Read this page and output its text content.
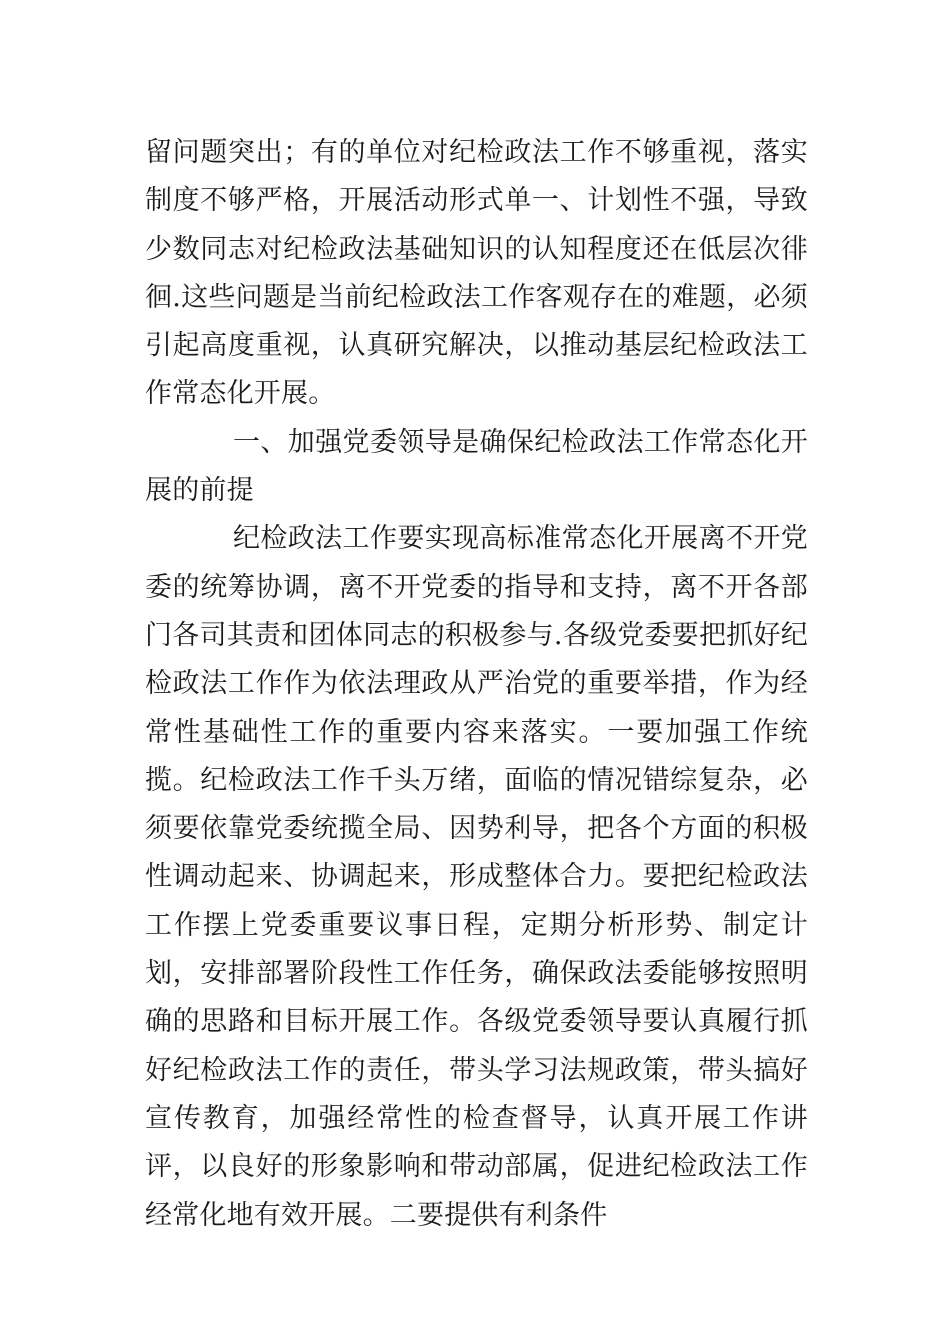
留问题突出；有的单位对纪检政法工作不够重视，落实制度不够严格，开展活动形式单一、计划性不强，导致少数同志对纪检政法基础知识的认知程度还在低层次徘徊.这些问题是当前纪检政法工作客观存在的难题，必须引起高度重视，认真研究解决，以推动基层纪检政法工作常态化开展。

一、加强党委领导是确保纪检政法工作常态化开展的前提

纪检政法工作要实现高标准常态化开展离不开党委的统筹协调，离不开党委的指导和支持，离不开各部门各司其责和团体同志的积极参与.各级党委要把抓好纪检政法工作作为依法理政从严治党的重要举措，作为经常性基础性工作的重要内容来落实。一要加强工作统揽。纪检政法工作千头万绪，面临的情况错综复杂，必须要依靠党委统揽全局、因势利导，把各个方面的积极性调动起来、协调起来，形成整体合力。要把纪检政法工作摆上党委重要议事日程，定期分析形势、制定计划，安排部署阶段性工作任务，确保政法委能够按照明确的思路和目标开展工作。各级党委领导要认真履行抓好纪检政法工作的责任，带头学习法规政策，带头搞好宣传教育，加强经常性的检查督导，认真开展工作讲评，以良好的形象影响和带动部属，促进纪检政法工作经常化地有效开展。二要提供有利条件
